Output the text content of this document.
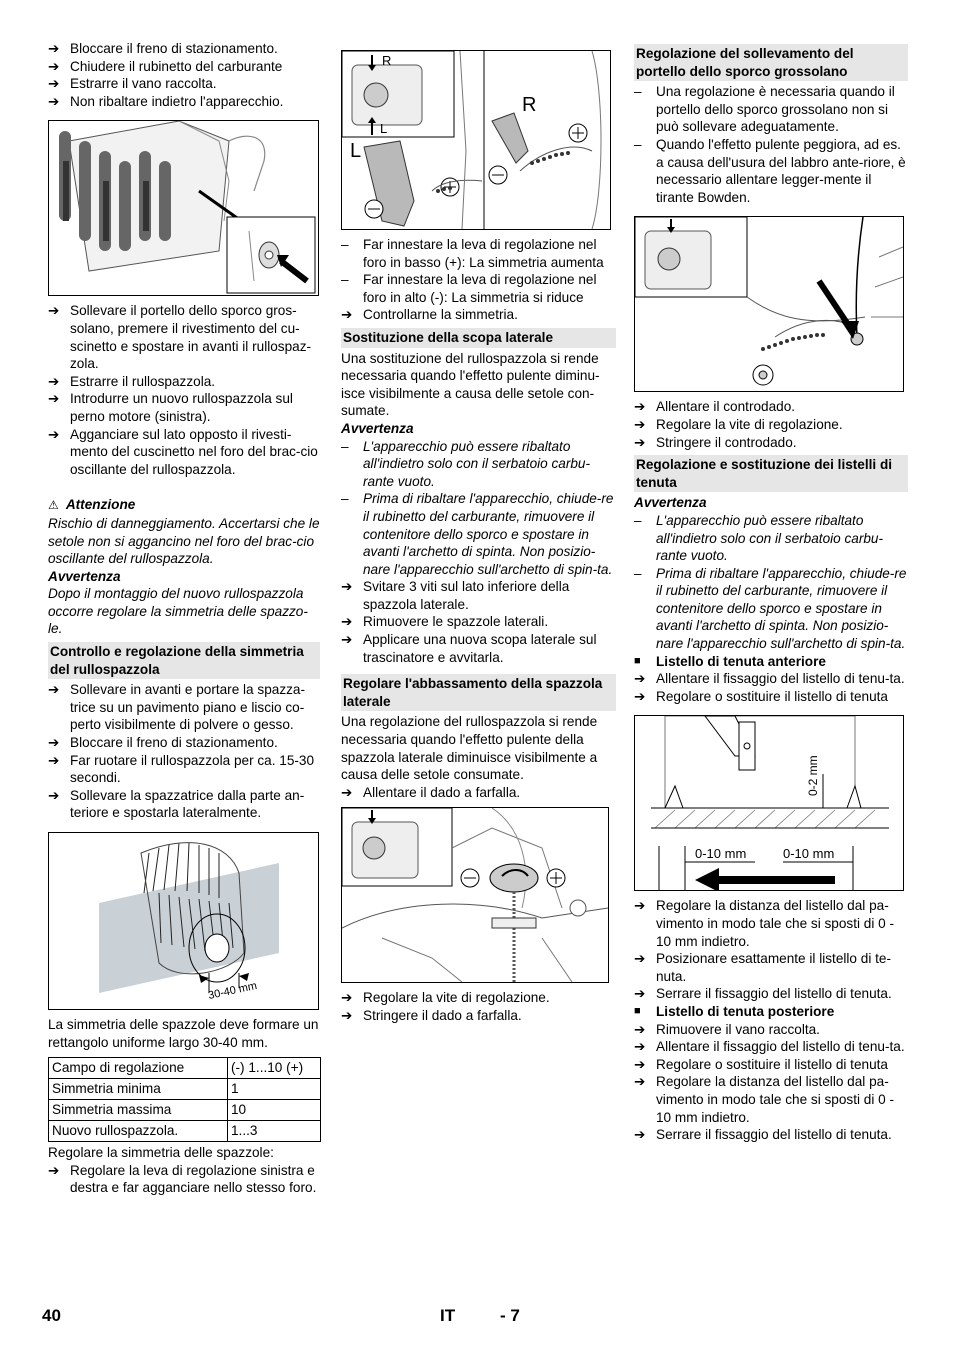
➔ Bloccare il freno di stazionamento.
➔ Chiudere il rubinetto del carburante
➔ Estrarre il vano raccolta.
➔ Non ribaltare indietro l'apparecchio.
➔ Sollevare il portello dello sporco gros-solano, premere il rivestimento del cu-scinetto e spostare in avanti il rullospaz-zola.
➔ Estrarre il rullospazzola.
➔ Introdurre un nuovo rullospazzola sul perno motore (sinistra).
➔ Agganciare sul lato opposto il rivesti-mento del cuscinetto nel foro del brac-cio oscillante del rullospazzola.

⚠ Attenzione

Rischio di danneggiamento. Accertarsi che le setole non si aggancino nel foro del brac-cio oscillante del rullospazzola.

Avvertenza

Dopo il montaggio del nuovo rullospazzola occorre regolare la simmetria delle spazzo-le.

Controllo e regolazione della simmetria del rullospazzola
➔ Sollevare in avanti e portare la spazza-trice su un pavimento piano e liscio co-perto visibilmente di polvere o gesso.
➔ Bloccare il freno di stazionamento.
➔ Far ruotare il rullospazzola per ca. 15-30 secondi.
➔ Sollevare la spazzatrice dalla parte an-teriore e spostarla lateralmente.
30-40 mm

La simmetria delle spazzole deve formare un rettangolo uniforme largo 30-40 mm.

Campo di regolazione	(-) 1...10 (+)
Simmetria minima	1
Simmetria massima	10
Nuovo rullospazzola.	1...3

Regolare la simmetria delle spazzole:

➔ Regolare la leva di regolazione sinistra e destra e far agganciare nello stesso foro.
R
L
R
L
–	Far innestare la leva di regolazione nel foro in basso (+): La simmetria aumenta
–	Far innestare la leva di regolazione nel foro in alto (-): La simmetria si riduce
➔ Controllarne la simmetria.
Sostituzione della scopa laterale

Una sostituzione del rullospazzola si rende necessaria quando l'effetto pulente diminu-isce visibilmente a causa delle setole con-sumate.

Avvertenza

–	L'apparecchio può essere ribaltato all'indietro solo con il serbatoio carbu-rante vuoto.
–	Prima di ribaltare l'apparecchio, chiude-re il rubinetto del carburante, rimuovere il contenitore dello sporco e spostare in avanti l'archetto di spinta. Non posizio-nare l'apparecchio sull'archetto di spin-ta.
➔ Svitare 3 viti sul lato inferiore della spazzola laterale.
➔ Rimuovere le spazzole laterali.
➔ Applicare una nuova scopa laterale sul trascinatore e avvitarla.
Regolare l'abbassamento della spazzola laterale

Una regolazione del rullospazzola si rende necessaria quando l'effetto pulente della spazzola laterale diminuisce visibilmente a causa delle setole consumate.

➔ Allentare il dado a farfalla.
➔ Regolare la vite di regolazione.
➔ Stringere il dado a farfalla.
Regolazione del sollevamento del portello dello sporco grossolano
–	Una regolazione è necessaria quando il portello dello sporco grossolano non si può sollevare adeguatamente.
–	Quando l'effetto pulente peggiora, ad es. a causa dell'usura del labbro ante-riore, è necessario allentare legger-mente il tirante Bowden.
➔ Allentare il controdado.
➔ Regolare la vite di regolazione.
➔ Stringere il controdado.
Regolazione e sostituzione dei listelli di tenuta

Avvertenza

–	L'apparecchio può essere ribaltato all'indietro solo con il serbatoio carbu-rante vuoto.
–	Prima di ribaltare l'apparecchio, chiude-re il rubinetto del carburante, rimuovere il contenitore dello sporco e spostare in avanti l'archetto di spinta. Non posizio-nare l'apparecchio sull'archetto di spin-ta.
■	Listello di tenuta anteriore
➔ Allentare il fissaggio del listello di tenu-ta.
➔ Regolare o sostituire il listello di tenuta
0-2 mm
0-10 mm	0-10 mm
➔ Regolare la distanza del listello dal pa-vimento in modo tale che si sposti di 0 - 10 mm indietro.
➔ Posizionare esattamente il listello di te-nuta.
➔ Serrare il fissaggio del listello di tenuta.
■	Listello di tenuta posteriore
➔ Rimuovere il vano raccolta.
➔ Allentare il fissaggio del listello di tenu-ta.
➔ Regolare o sostituire il listello di tenuta
➔ Regolare la distanza del listello dal pa-vimento in modo tale che si sposti di 0 - 10 mm indietro.
➔ Serrare il fissaggio del listello di tenuta.
40	IT	- 7
